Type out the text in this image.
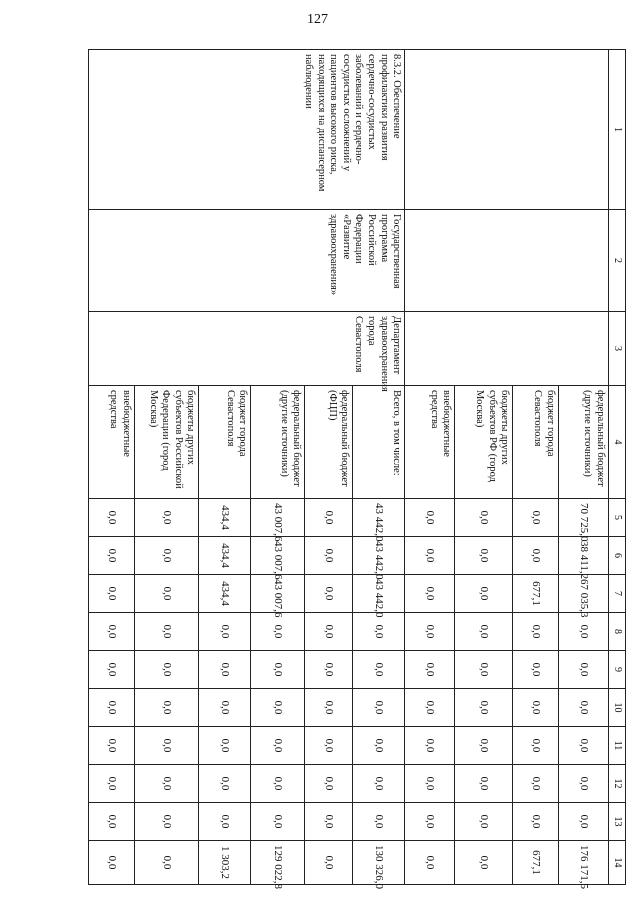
127
1	2	3	4	5	6	7	8	9	10	11	12	13	14
			федеральный бюджет (другие источники)	70 725,0	38 411,2	67 035,3	0,0	0,0	0,0	0,0	0,0	0,0	176 171,5
			бюджет города Севастополя	0,0	0,0	677,1	0,0	0,0	0,0	0,0	0,0	0,0	677,1
			бюджеты других субъектов РФ (город Москва)	0,0	0,0	0,0	0,0	0,0	0,0	0,0	0,0	0,0	0,0
			внебюджетные средства	0,0	0,0	0,0	0,0	0,0	0,0	0,0	0,0	0,0	0,0
8.3.2. Обеспечение профилактики развития сердечно-сосудистых заболеваний и сердечно-сосудистых осложнений у пациентов высокого риска, находящихся на диспансерном наблюдении	Государственная программа Российской Федерации «Развитие здравоохранения»	Департамент здравоохранения города Севастополя	Всего, в том числе:	43 442,0	43 442,0	43 442,0	0,0	0,0	0,0	0,0	0,0	0,0	130 326,0
			федеральный бюджет (ФЦП)	0,0	0,0	0,0	0,0	0,0	0,0	0,0	0,0	0,0	0,0
			федеральный бюджет (другие источники)	43 007,6	43 007,6	43 007,6	0,0	0,0	0,0	0,0	0,0	0,0	129 022,8
			бюджет города Севастополя	434,4	434,4	434,4	0,0	0,0	0,0	0,0	0,0	0,0	1 303,2
			бюджеты других субъектов Российской Федерации (город Москва)	0,0	0,0	0,0	0,0	0,0	0,0	0,0	0,0	0,0	0,0
			внебюджетные средства	0,0	0,0	0,0	0,0	0,0	0,0	0,0	0,0	0,0	0,0
